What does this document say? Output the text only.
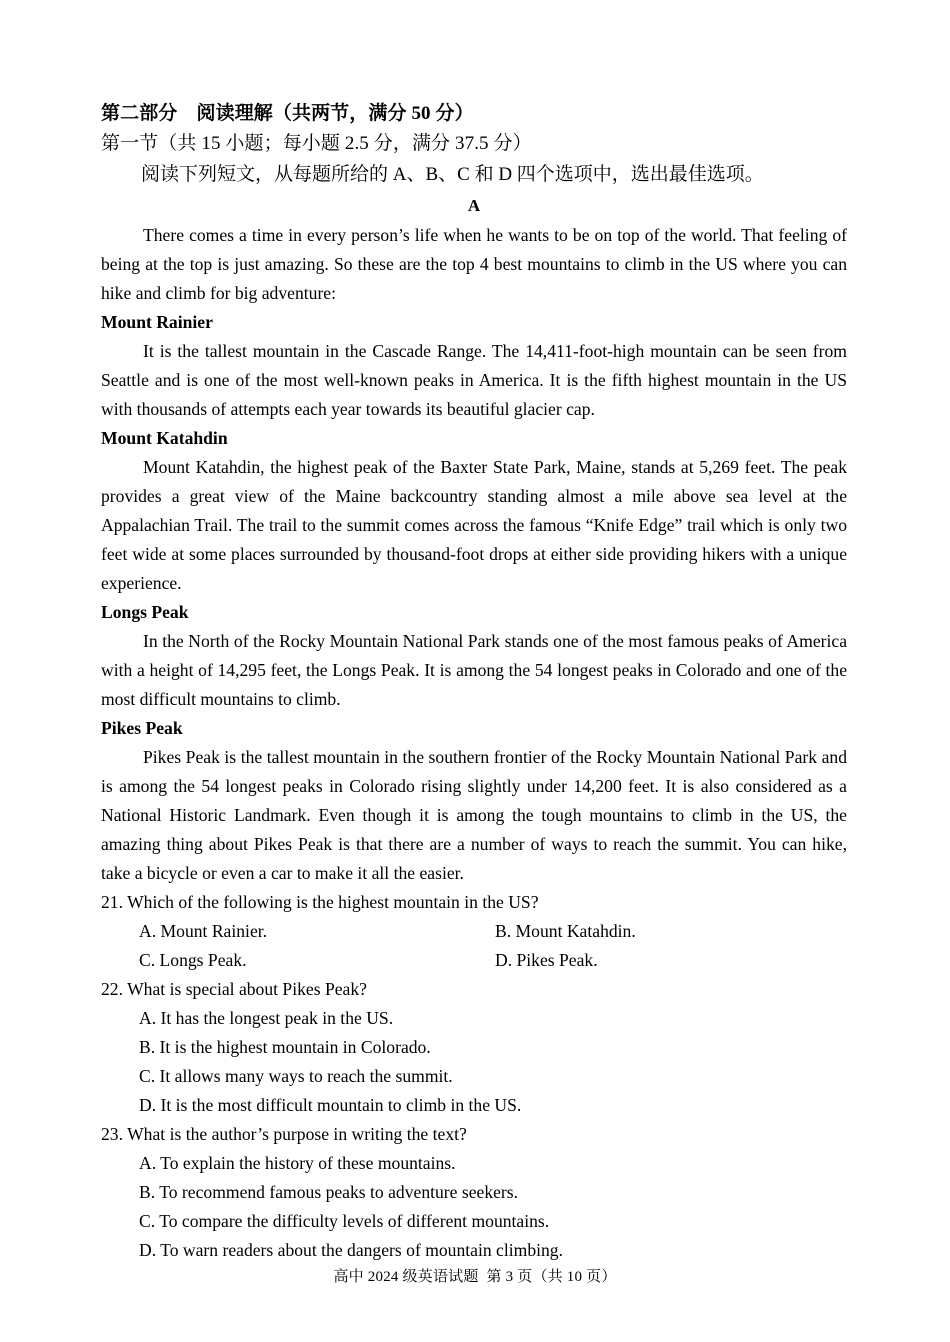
第二部分　阅读理解（共两节，满分 50 分）
第一节（共 15 小题；每小题 2.5 分，满分 37.5 分）
阅读下列短文，从每题所给的 A、B、C 和 D 四个选项中，选出最佳选项。
A

There comes a time in every person’s life when he wants to be on top of the world. That feeling of being at the top is just amazing. So these are the top 4 best mountains to climb in the US where you can hike and climb for big adventure:

Mount Rainier

It is the tallest mountain in the Cascade Range. The 14,411-foot-high mountain can be seen from Seattle and is one of the most well-known peaks in America. It is the fifth highest mountain in the US with thousands of attempts each year towards its beautiful glacier cap.

Mount Katahdin

Mount Katahdin, the highest peak of the Baxter State Park, Maine, stands at 5,269 feet. The peak provides a great view of the Maine backcountry standing almost a mile above sea level at the Appalachian Trail. The trail to the summit comes across the famous “Knife Edge” trail which is only two feet wide at some places surrounded by thousand-foot drops at either side providing hikers with a unique experience.

Longs Peak

In the North of the Rocky Mountain National Park stands one of the most famous peaks of America with a height of 14,295 feet, the Longs Peak. It is among the 54 longest peaks in Colorado and one of the most difficult mountains to climb.

Pikes Peak

Pikes Peak is the tallest mountain in the southern frontier of the Rocky Mountain National Park and is among the 54 longest peaks in Colorado rising slightly under 14,200 feet. It is also considered as a National Historic Landmark. Even though it is among the tough mountains to climb in the US, the amazing thing about Pikes Peak is that there are a number of ways to reach the summit. You can hike, take a bicycle or even a car to make it all the easier.

21. Which of the following is the highest mountain in the US?
A. Mount Rainier.	B. Mount Katahdin.
C. Longs Peak.	D. Pikes Peak.
22. What is special about Pikes Peak?
A. It has the longest peak in the US.
B. It is the highest mountain in Colorado.
C. It allows many ways to reach the summit.
D. It is the most difficult mountain to climb in the US.
23. What is the author’s purpose in writing the text?
A. To explain the history of these mountains.
B. To recommend famous peaks to adventure seekers.
C. To compare the difficulty levels of different mountains.
D. To warn readers about the dangers of mountain climbing.
高中 2024 级英语试题  第 3 页（共 10 页）
